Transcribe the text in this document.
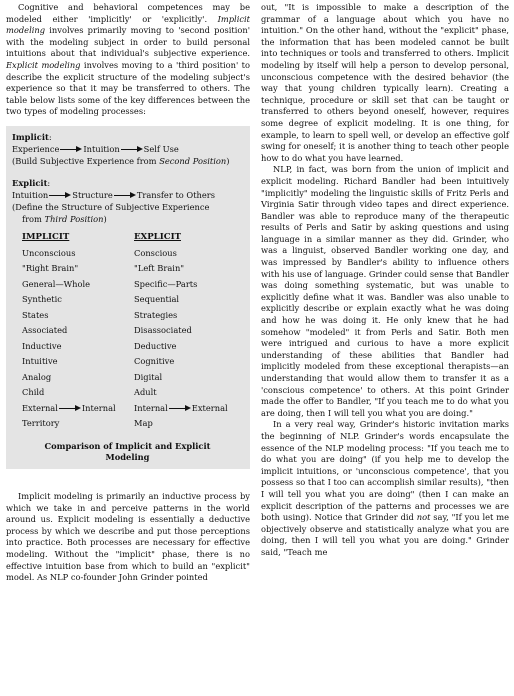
Cognitive and behavioral competences may be modeled either 'implicitly' or 'explicitly'. Implicit modeling involves primarily moving to 'second position' with the modeling subject in order to build personal intuitions about that individual's subjective experience. Explicit modeling involves moving to a 'third position' to describe the explicit structure of the modeling subject's experience so that it may be transferred to others. The table below lists some of the key differences between the two types of modeling processes:

Implicit:
Experience	Intuition	Self Use
(Build Subjective Experience from Second Position)
Explicit:
Intuition	Structure	Transfer to Others
(Define the Structure of Subjective Experience
from Third Position)
IMPLICIT	EXPLICIT
Unconscious	Conscious
"Right Brain"	"Left Brain"
General—Whole	Specific—Parts
Synthetic	Sequential
States	Strategies
Associated	Disassociated
Inductive	Deductive
Intuitive	Cognitive
Analog	Digital
Child	Adult
External Internal	Internal External
Territory	Map
Comparison of Implicit and Explicit Modeling

Implicit modeling is primarily an inductive process by which we take in and perceive patterns in the world around us. Explicit modeling is essentially a deductive process by which we describe and put those perceptions into practice. Both processes are necessary for effective modeling. Without the "implicit" phase, there is no effective intuition base from which to build an "explicit" model. As NLP co-founder John Grinder pointed

out, "It is impossible to make a description of the grammar of a language about which you have no intuition." On the other hand, without the "explicit" phase, the information that has been modeled cannot be built into techniques or tools and transferred to others. Implicit modeling by itself will help a person to develop personal, unconscious competence with the desired behavior (the way that young children typically learn). Creating a technique, procedure or skill set that can be taught or transferred to others beyond oneself, however, requires some degree of explicit modeling. It is one thing, for example, to learn to spell well, or develop an effective golf swing for oneself; it is another thing to teach other people how to do what you have learned.

NLP, in fact, was born from the union of implicit and explicit modeling. Richard Bandler had been intuitively "implicitly" modeling the linguistic skills of Fritz Perls and Virginia Satir through video tapes and direct experience. Bandler was able to reproduce many of the therapeutic results of Perls and Satir by asking questions and using language in a similar manner as they did. Grinder, who was a linguist, observed Bandler working one day, and was impressed by Bandler's ability to influence others with his use of language. Grinder could sense that Bandler was doing something systematic, but was unable to explicitly define what it was. Bandler was also unable to explicitly describe or explain exactly what he was doing and how he was doing it. He only knew that he had somehow "modeled" it from Perls and Satir. Both men were intrigued and curious to have a more explicit understanding of these abilities that Bandler had implicitly modeled from these exceptional therapists—an understanding that would allow them to transfer it as a 'conscious competence' to others. At this point Grinder made the offer to Bandler, "If you teach me to do what you are doing, then I will tell you what you are doing."

In a very real way, Grinder's historic invitation marks the beginning of NLP. Grinder's words encapsulate the essence of the NLP modeling process: "If you teach me to do what you are doing" (if you help me to develop the implicit intuitions, or 'unconscious competence', that you possess so that I too can accomplish similar results), "then I will tell you what you are doing" (then I can make an explicit description of the patterns and processes we are both using). Notice that Grinder did not say, "If you let me objectively observe and statistically analyze what you are doing, then I will tell you what you are doing." Grinder said, "Teach me
